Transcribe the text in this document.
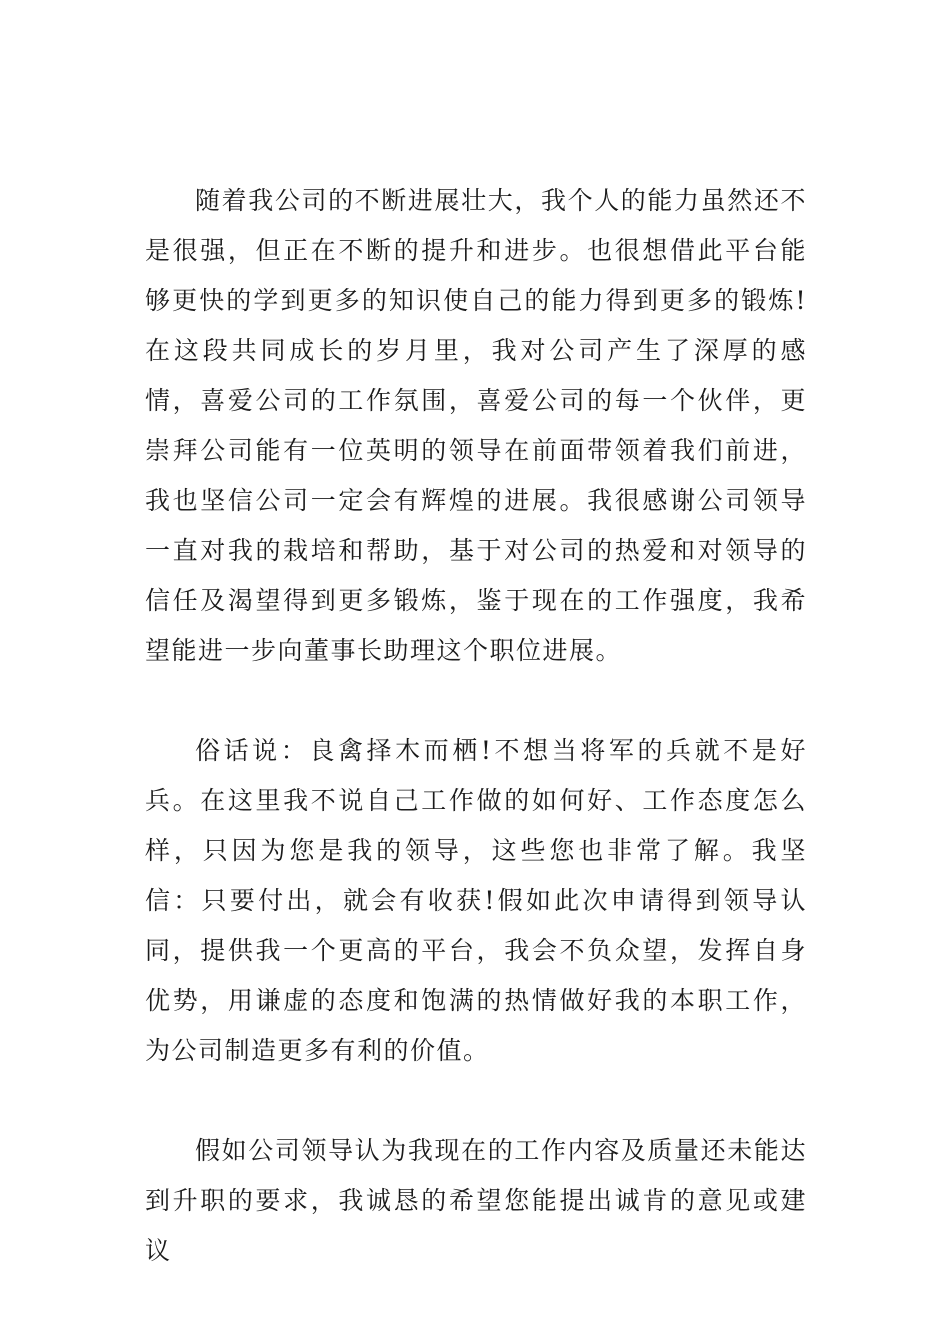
随着我公司的不断进展壮大，我个人的能力虽然还不是很强，但正在不断的提升和进步。也很想借此平台能够更快的学到更多的知识使自己的能力得到更多的锻炼!在这段共同成长的岁月里，我对公司产生了深厚的感情，喜爱公司的工作氛围，喜爱公司的每一个伙伴，更崇拜公司能有一位英明的领导在前面带领着我们前进，我也坚信公司一定会有辉煌的进展。我很感谢公司领导一直对我的栽培和帮助，基于对公司的热爱和对领导的信任及渴望得到更多锻炼，鉴于现在的工作强度，我希望能进一步向董事长助理这个职位进展。

俗话说：良禽择木而栖!不想当将军的兵就不是好兵。在这里我不说自己工作做的如何好、工作态度怎么样，只因为您是我的领导，这些您也非常了解。我坚信：只要付出，就会有收获!假如此次申请得到领导认同，提供我一个更高的平台，我会不负众望，发挥自身优势，用谦虚的态度和饱满的热情做好我的本职工作，为公司制造更多有利的价值。

假如公司领导认为我现在的工作内容及质量还未能达到升职的要求，我诚恳的希望您能提出诚肯的意见或建议
